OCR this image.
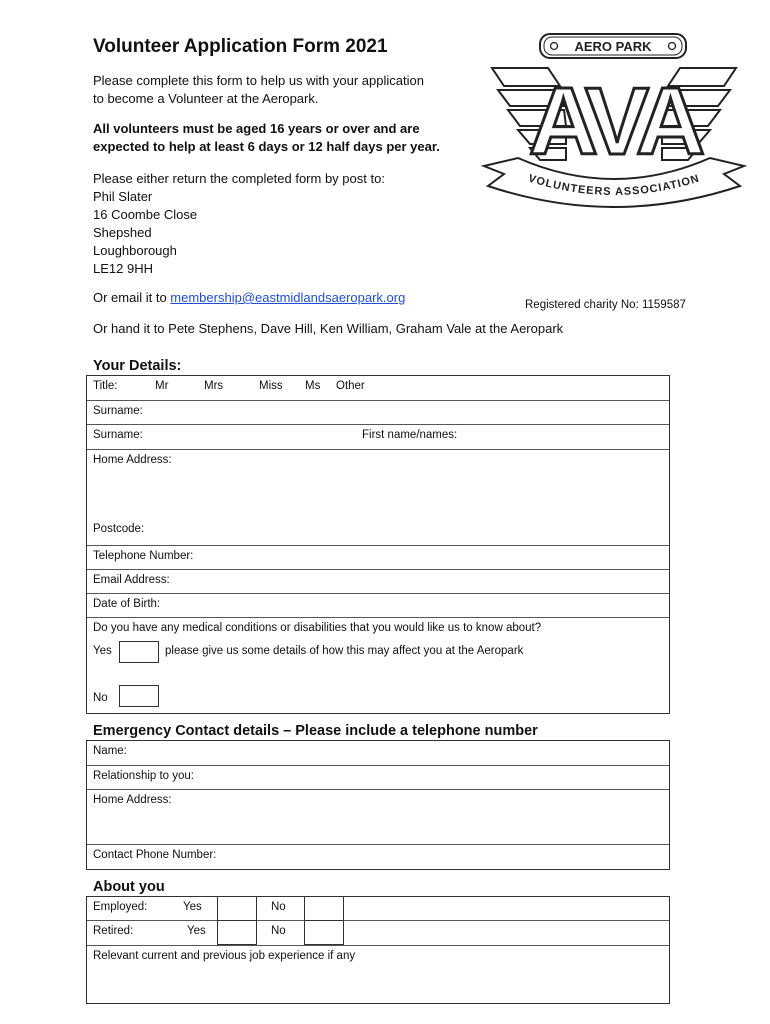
Volunteer Application Form 2021
Please complete this form to help us with your application
to become a Volunteer at the Aeropark.
All volunteers must be aged 16 years or over and are
expected to help at least 6 days or 12 half days per year.
Please either return the completed form by post to:
Phil Slater
16 Coombe Close
Shepshed
Loughborough
LE12 9HH
Or email it to membership@eastmidlandsaeropark.org	Registered charity No: 1159587
Or hand it to Pete Stephens, Dave Hill, Ken William, Graham Vale at the Aeropark
AERO PARK
AVA
VOLUNTEERS ASSOCIATION
Your Details:
Title:	Mr	Mrs	Miss Ms Other
Surname:
Surname:	First name/names:
Home Address:
Postcode:
Telephone Number:
Email Address:
Date of Birth:
Do you have any medical conditions or disabilities that you would like us to know about?
Yes	please give us some details of how this may affect you at the Aeropark
No
Emergency Contact details – Please include a telephone number
Name:
Relationship to you:
Home Address:
Contact Phone Number:
About you
Employed:	Yes	No
Retired:	Yes	No
Relevant current and previous job experience if any
